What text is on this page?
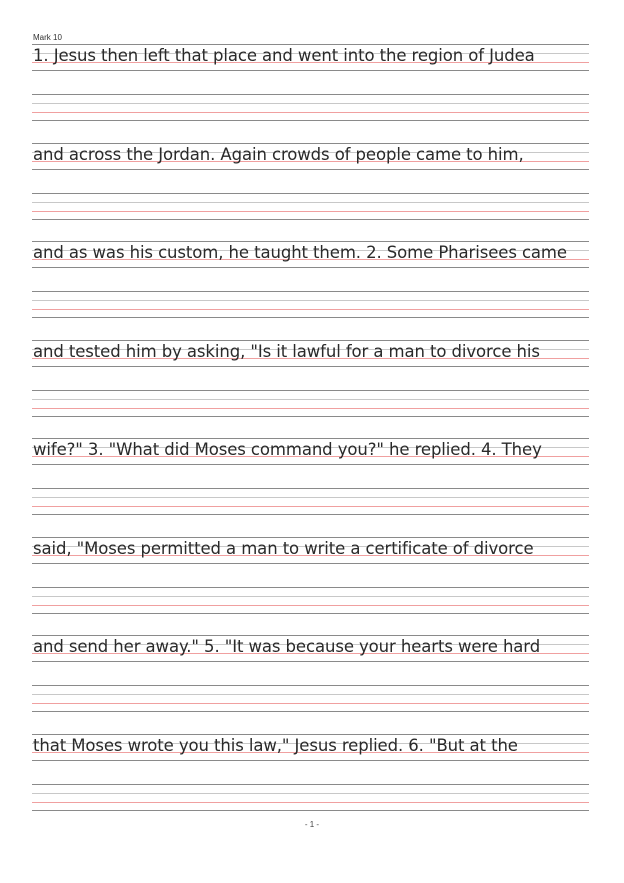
Mark 10
1. Jesus then left that place and went into the region of Judea
and across the Jordan. Again crowds of people came to him,
and as was his custom, he taught them. 2. Some Pharisees came
and tested him by asking, "Is it lawful for a man to divorce his
wife?" 3. "What did Moses command you?" he replied. 4. They
said, "Moses permitted a man to write a certificate of divorce
and send her away." 5. "It was because your hearts were hard
that Moses wrote you this law," Jesus replied. 6. "But at the
- 1 -
